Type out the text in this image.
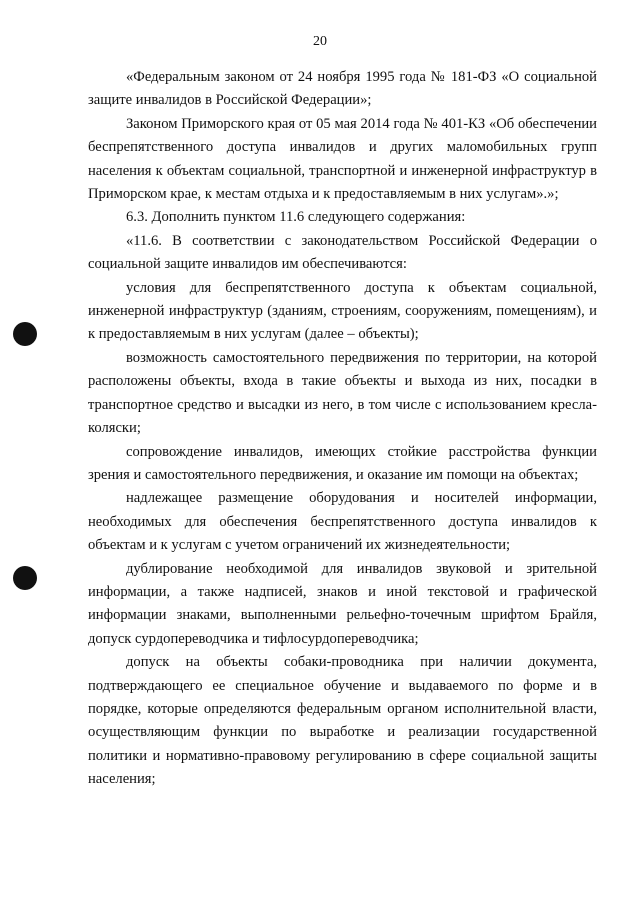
20

«Федеральным законом от 24 ноября 1995 года № 181-ФЗ «О социальной защите инвалидов в Российской Федерации»;

Законом Приморского края от 05 мая 2014 года № 401-КЗ «Об обеспечении беспрепятственного доступа инвалидов и других маломобильных групп населения к объектам социальной, транспортной и инженерной инфраструктур в Приморском крае, к местам отдыха и к предоставляемым в них услугам».»;

6.3. Дополнить пунктом 11.6 следующего содержания:

«11.6. В соответствии с законодательством Российской Федерации о социальной защите инвалидов им обеспечиваются:

условия для беспрепятственного доступа к объектам социальной, инженерной инфраструктур (зданиям, строениям, сооружениям, помещениям), и к предоставляемым в них услугам (далее – объекты);

возможность самостоятельного передвижения по территории, на которой расположены объекты, входа в такие объекты и выхода из них, посадки в транспортное средство и высадки из него, в том числе с использованием кресла-коляски;

сопровождение инвалидов, имеющих стойкие расстройства функции зрения и самостоятельного передвижения, и оказание им помощи на объектах;

надлежащее размещение оборудования и носителей информации, необходимых для обеспечения беспрепятственного доступа инвалидов к объектам и к услугам с учетом ограничений их жизнедеятельности;

дублирование необходимой для инвалидов звуковой и зрительной информации, а также надписей, знаков и иной текстовой и графической информации знаками, выполненными рельефно-точечным шрифтом Брайля, допуск сурдопереводчика и тифлосурдопереводчика;

допуск на объекты собаки-проводника при наличии документа, подтверждающего ее специальное обучение и выдаваемого по форме и в порядке, которые определяются федеральным органом исполнительной власти, осуществляющим функции по выработке и реализации государственной политики и нормативно-правовому регулированию в сфере социальной защиты населения;
